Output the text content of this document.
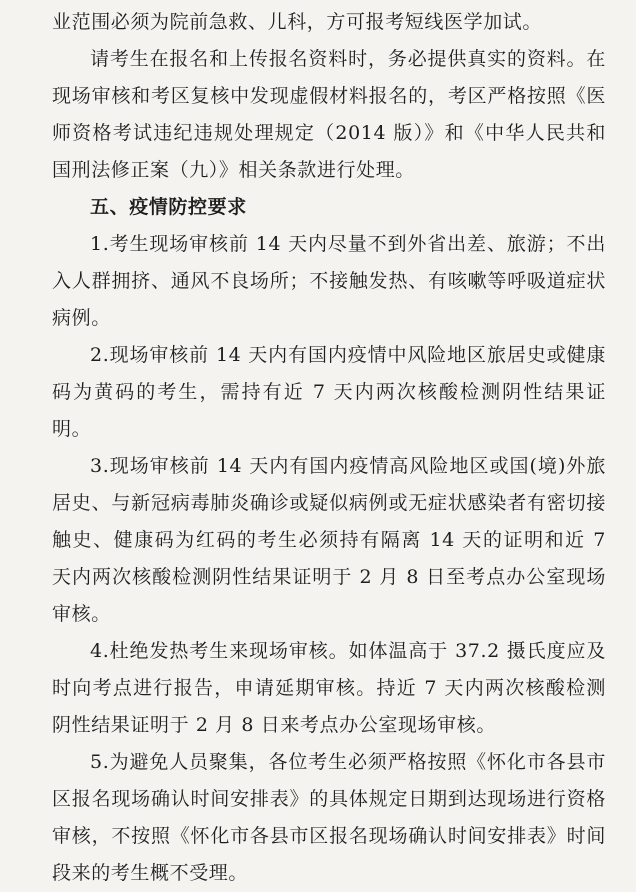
业范围必须为院前急救、儿科，方可报考短线医学加试。

请考生在报名和上传报名资料时，务必提供真实的资料。在现场审核和考区复核中发现虚假材料报名的，考区严格按照《医师资格考试违纪违规处理规定（2014 版）》和《中华人民共和国刑法修正案（九）》相关条款进行处理。

五、疫情防控要求

1.考生现场审核前 14 天内尽量不到外省出差、旅游；不出入人群拥挤、通风不良场所；不接触发热、有咳嗽等呼吸道症状病例。

2.现场审核前 14 天内有国内疫情中风险地区旅居史或健康码为黄码的考生，需持有近 7 天内两次核酸检测阴性结果证明。

3.现场审核前 14 天内有国内疫情高风险地区或国(境)外旅居史、与新冠病毒肺炎确诊或疑似病例或无症状感染者有密切接触史、健康码为红码的考生必须持有隔离 14 天的证明和近 7 天内两次核酸检测阴性结果证明于 2 月 8 日至考点办公室现场审核。

4.杜绝发热考生来现场审核。如体温高于 37.2 摄氏度应及时向考点进行报告，申请延期审核。持近 7 天内两次核酸检测阴性结果证明于 2 月 8 日来考点办公室现场审核。

5.为避免人员聚集，各位考生必须严格按照《怀化市各县市区报名现场确认时间安排表》的具体规定日期到达现场进行资格审核，不按照《怀化市各县市区报名现场确认时间安排表》时间段来的考生概不受理。
